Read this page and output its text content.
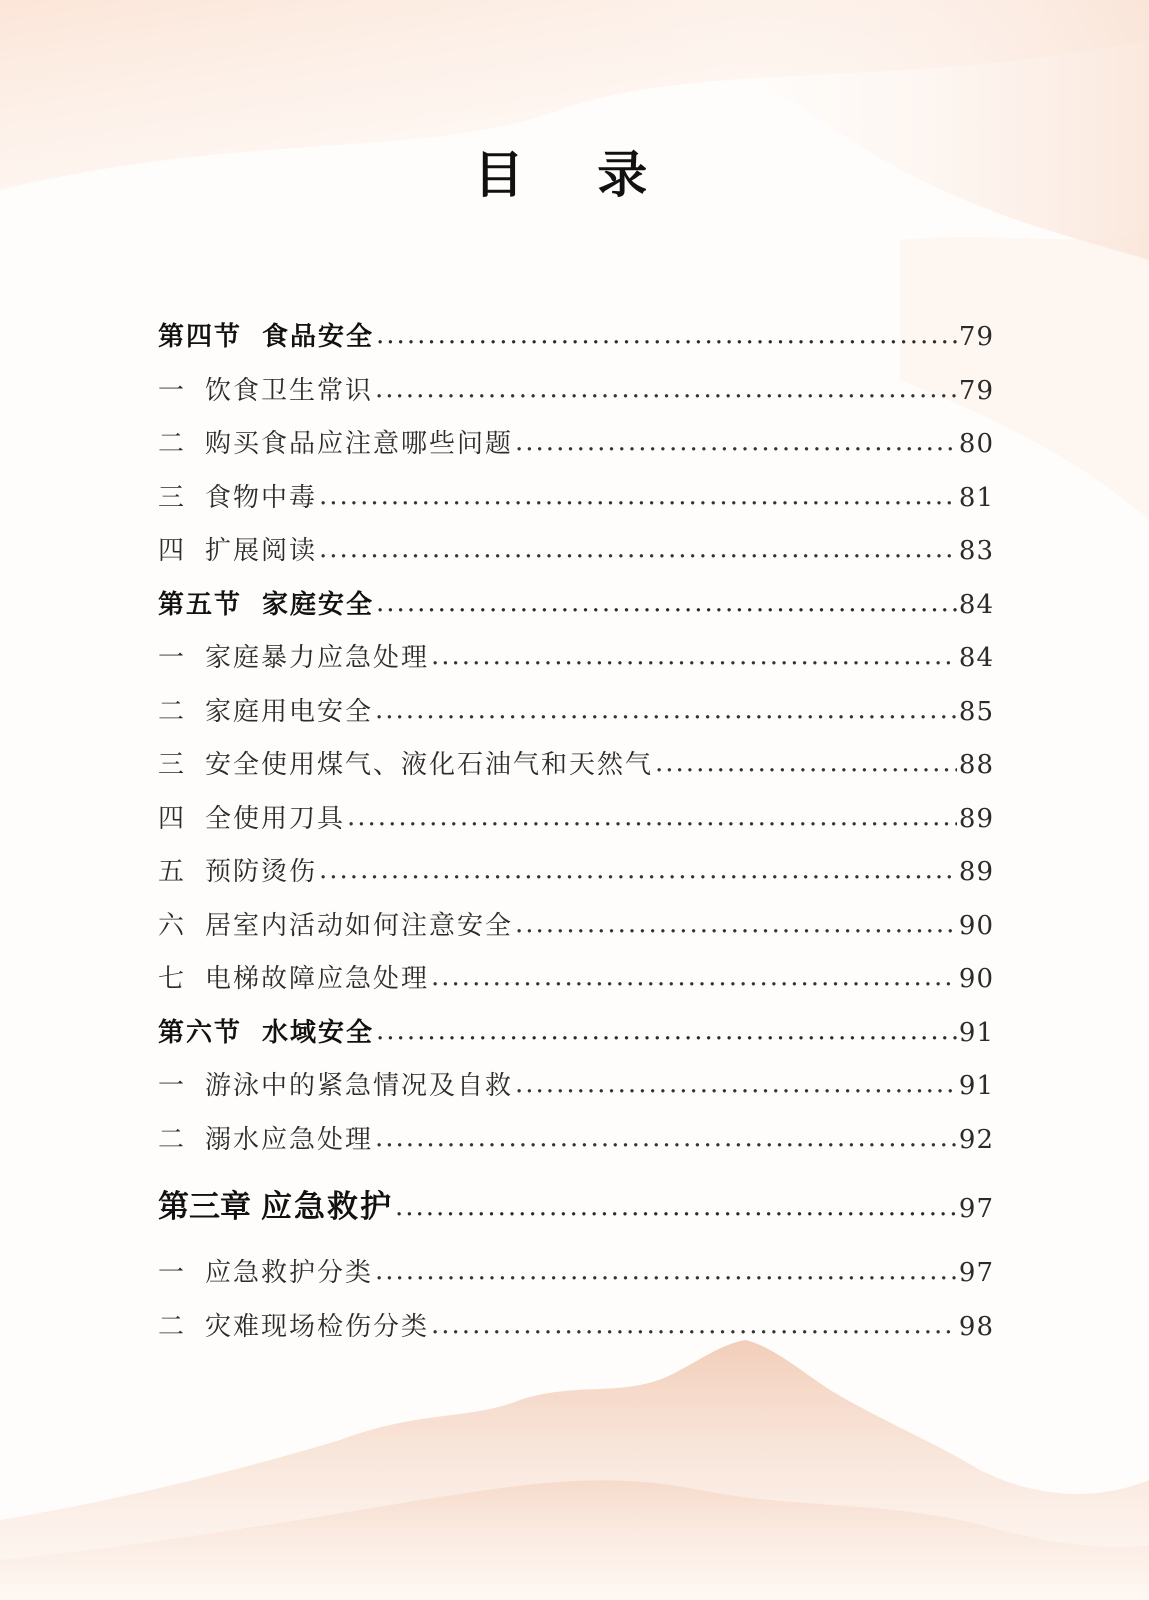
目 录
第四节 食品安全 .....	79
一 饮食卫生常识 .....	79
二 购买食品应注意哪些问题 .....	80
三 食物中毒 .....	81
四 扩展阅读 .....	83
第五节 家庭安全 .....	84
一 家庭暴力应急处理 .....	84
二 家庭用电安全 .....	85
三 安全使用煤气、液化石油气和天然气 .....	88
四 全使用刀具 .....	89
五 预防烫伤 .....	89
六 居室内活动如何注意安全 .....	90
七 电梯故障应急处理 .....	90
第六节 水域安全 .....	91
一 游泳中的紧急情况及自救 .....	91
二 溺水应急处理 .....	92
第三章 应急救护 .....	97
一 应急救护分类 .....	97
二 灾难现场检伤分类 .....	98
